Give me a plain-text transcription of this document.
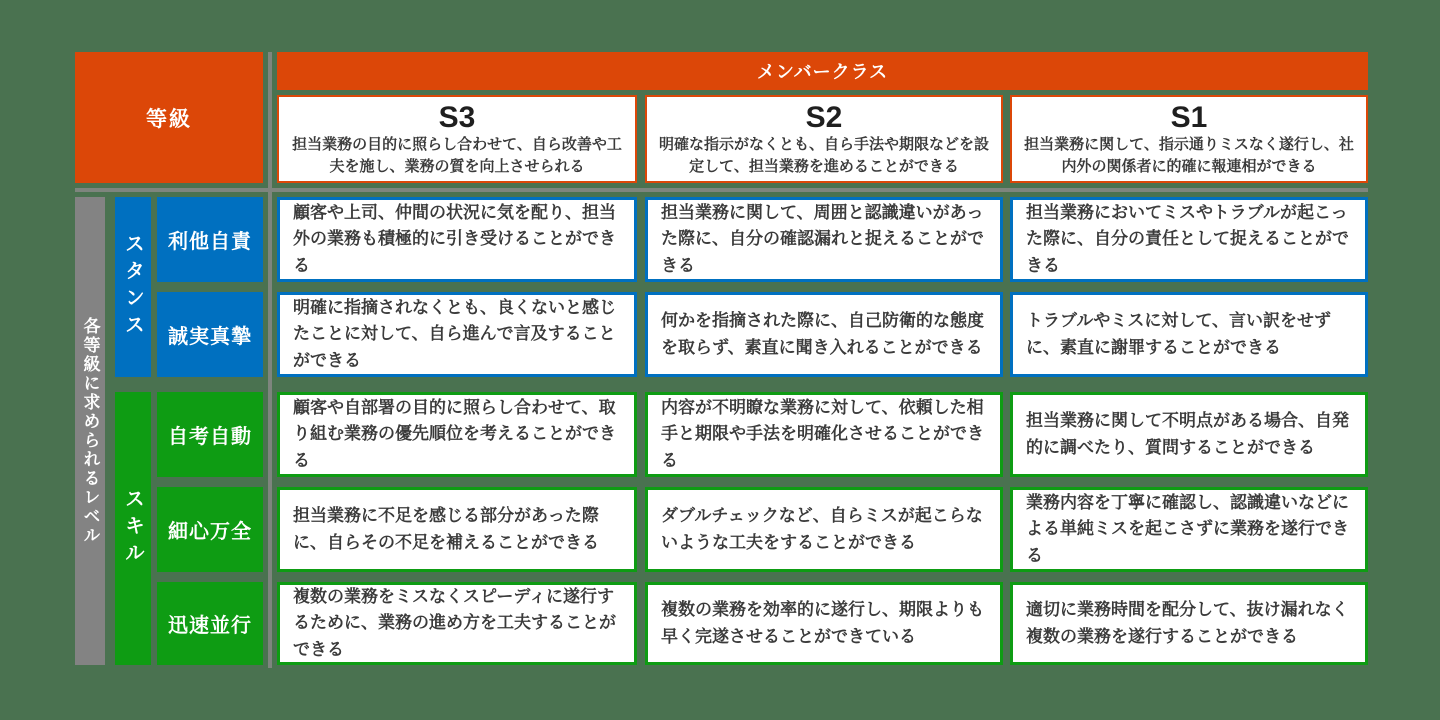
等級
メンバークラス
S3
担当業務の目的に照らし合わせて、自ら改善や工夫を施し、業務の質を向上させられる
S2
明確な指示がなくとも、自ら手法や期限などを設定して、担当業務を進めることができる
S1
担当業務に関して、指示通りミスなく遂行し、社内外の関係者に的確に報連相ができる
各等級に求められるレベル
スタンス
スキル
利他自責
誠実真摯
自考自動
細心万全
迅速並行

顧客や上司、仲間の状況に気を配り、担当外の業務も積極的に引き受けることができる

担当業務に関して、周囲と認識違いがあった際に、自分の確認漏れと捉えることができる

担当業務においてミスやトラブルが起こった際に、自分の責任として捉えることができる

明確に指摘されなくとも、良くないと感じたことに対して、自ら進んで言及することができる

何かを指摘された際に、自己防衛的な態度を取らず、素直に聞き入れることができる

トラブルやミスに対して、言い訳をせずに、素直に謝罪することができる

顧客や自部署の目的に照らし合わせて、取り組む業務の優先順位を考えることができる

内容が不明瞭な業務に対して、依頼した相手と期限や手法を明確化させることができる

担当業務に関して不明点がある場合、自発的に調べたり、質問することができる

担当業務に不足を感じる部分があった際に、自らその不足を補えることができる

ダブルチェックなど、自らミスが起こらないような工夫をすることができる

業務内容を丁寧に確認し、認識違いなどによる単純ミスを起こさずに業務を遂行できる

複数の業務をミスなくスピーディに遂行するために、業務の進め方を工夫することができる

複数の業務を効率的に遂行し、期限よりも早く完遂させることができている

適切に業務時間を配分して、抜け漏れなく複数の業務を遂行することができる
